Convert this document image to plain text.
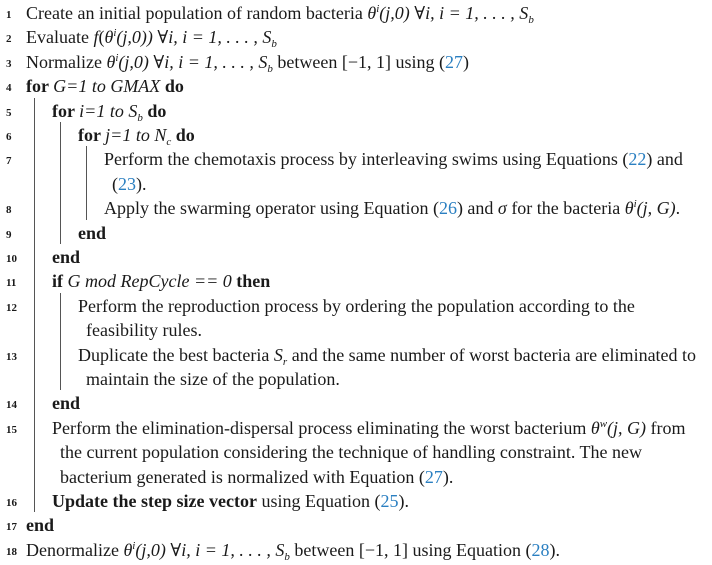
1 Create an initial population of random bacteria $\theta^i(j,0)$ ∀i, i = 1, . . . , $S_b$
2 Evaluate $f(\theta^i(j,0))$ ∀i, i = 1, . . . , $S_b$
3 Normalize $\theta^i(j,0)$ ∀i, i = 1, . . . , $S_b$ between [−1, 1] using (27)
4 for G=1 to GMAX do
5	for i=1 to $S_b$ do
6	for j=1 to $N_c$ do
7	Perform the chemotaxis process by interleaving swims using Equations (22) and
(23).
8	Apply the swarming operator using Equation (26) and σ for the bacteria $\theta^i(j$, G).
9	end
10 end
11 if G mod RepCycle == 0 then
12	Perform the reproduction process by ordering the population according to the
feasibility rules.
13	Duplicate the best bacteria $S_r$ and the same number of worst bacteria are eliminated to
maintain the size of the population.
14 end
15 Perform the elimination-dispersal process eliminating the worst bacterium $\theta^w(j$, G) from
the current population considering the technique of handling constraint. The new
bacterium generated is normalized with Equation (27).
16 Update the step size vector using Equation (25).
17 end
18 Denormalize $\theta^i(j,0)$ ∀i, i = 1, . . . , $S_b$ between [−1, 1] using Equation (28).
